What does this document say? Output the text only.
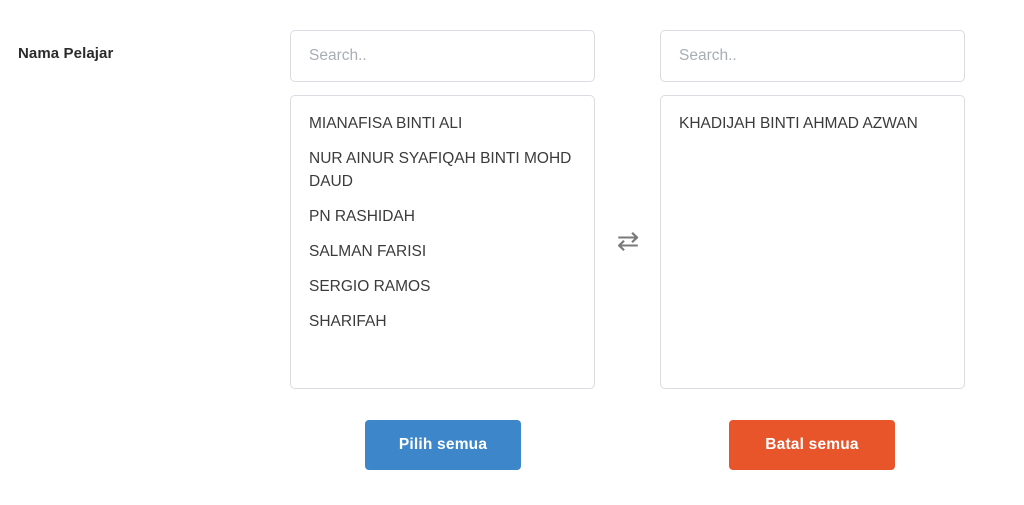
Nama Pelajar
Search..
MIANAFISA BINTI ALI
NUR AINUR SYAFIQAH BINTI MOHD DAUD
PN RASHIDAH
SALMAN FARISI
SERGIO RAMOS
SHARIFAH
⇄
Search..
KHADIJAH BINTI AHMAD AZWAN
Pilih semua	Batal semua
